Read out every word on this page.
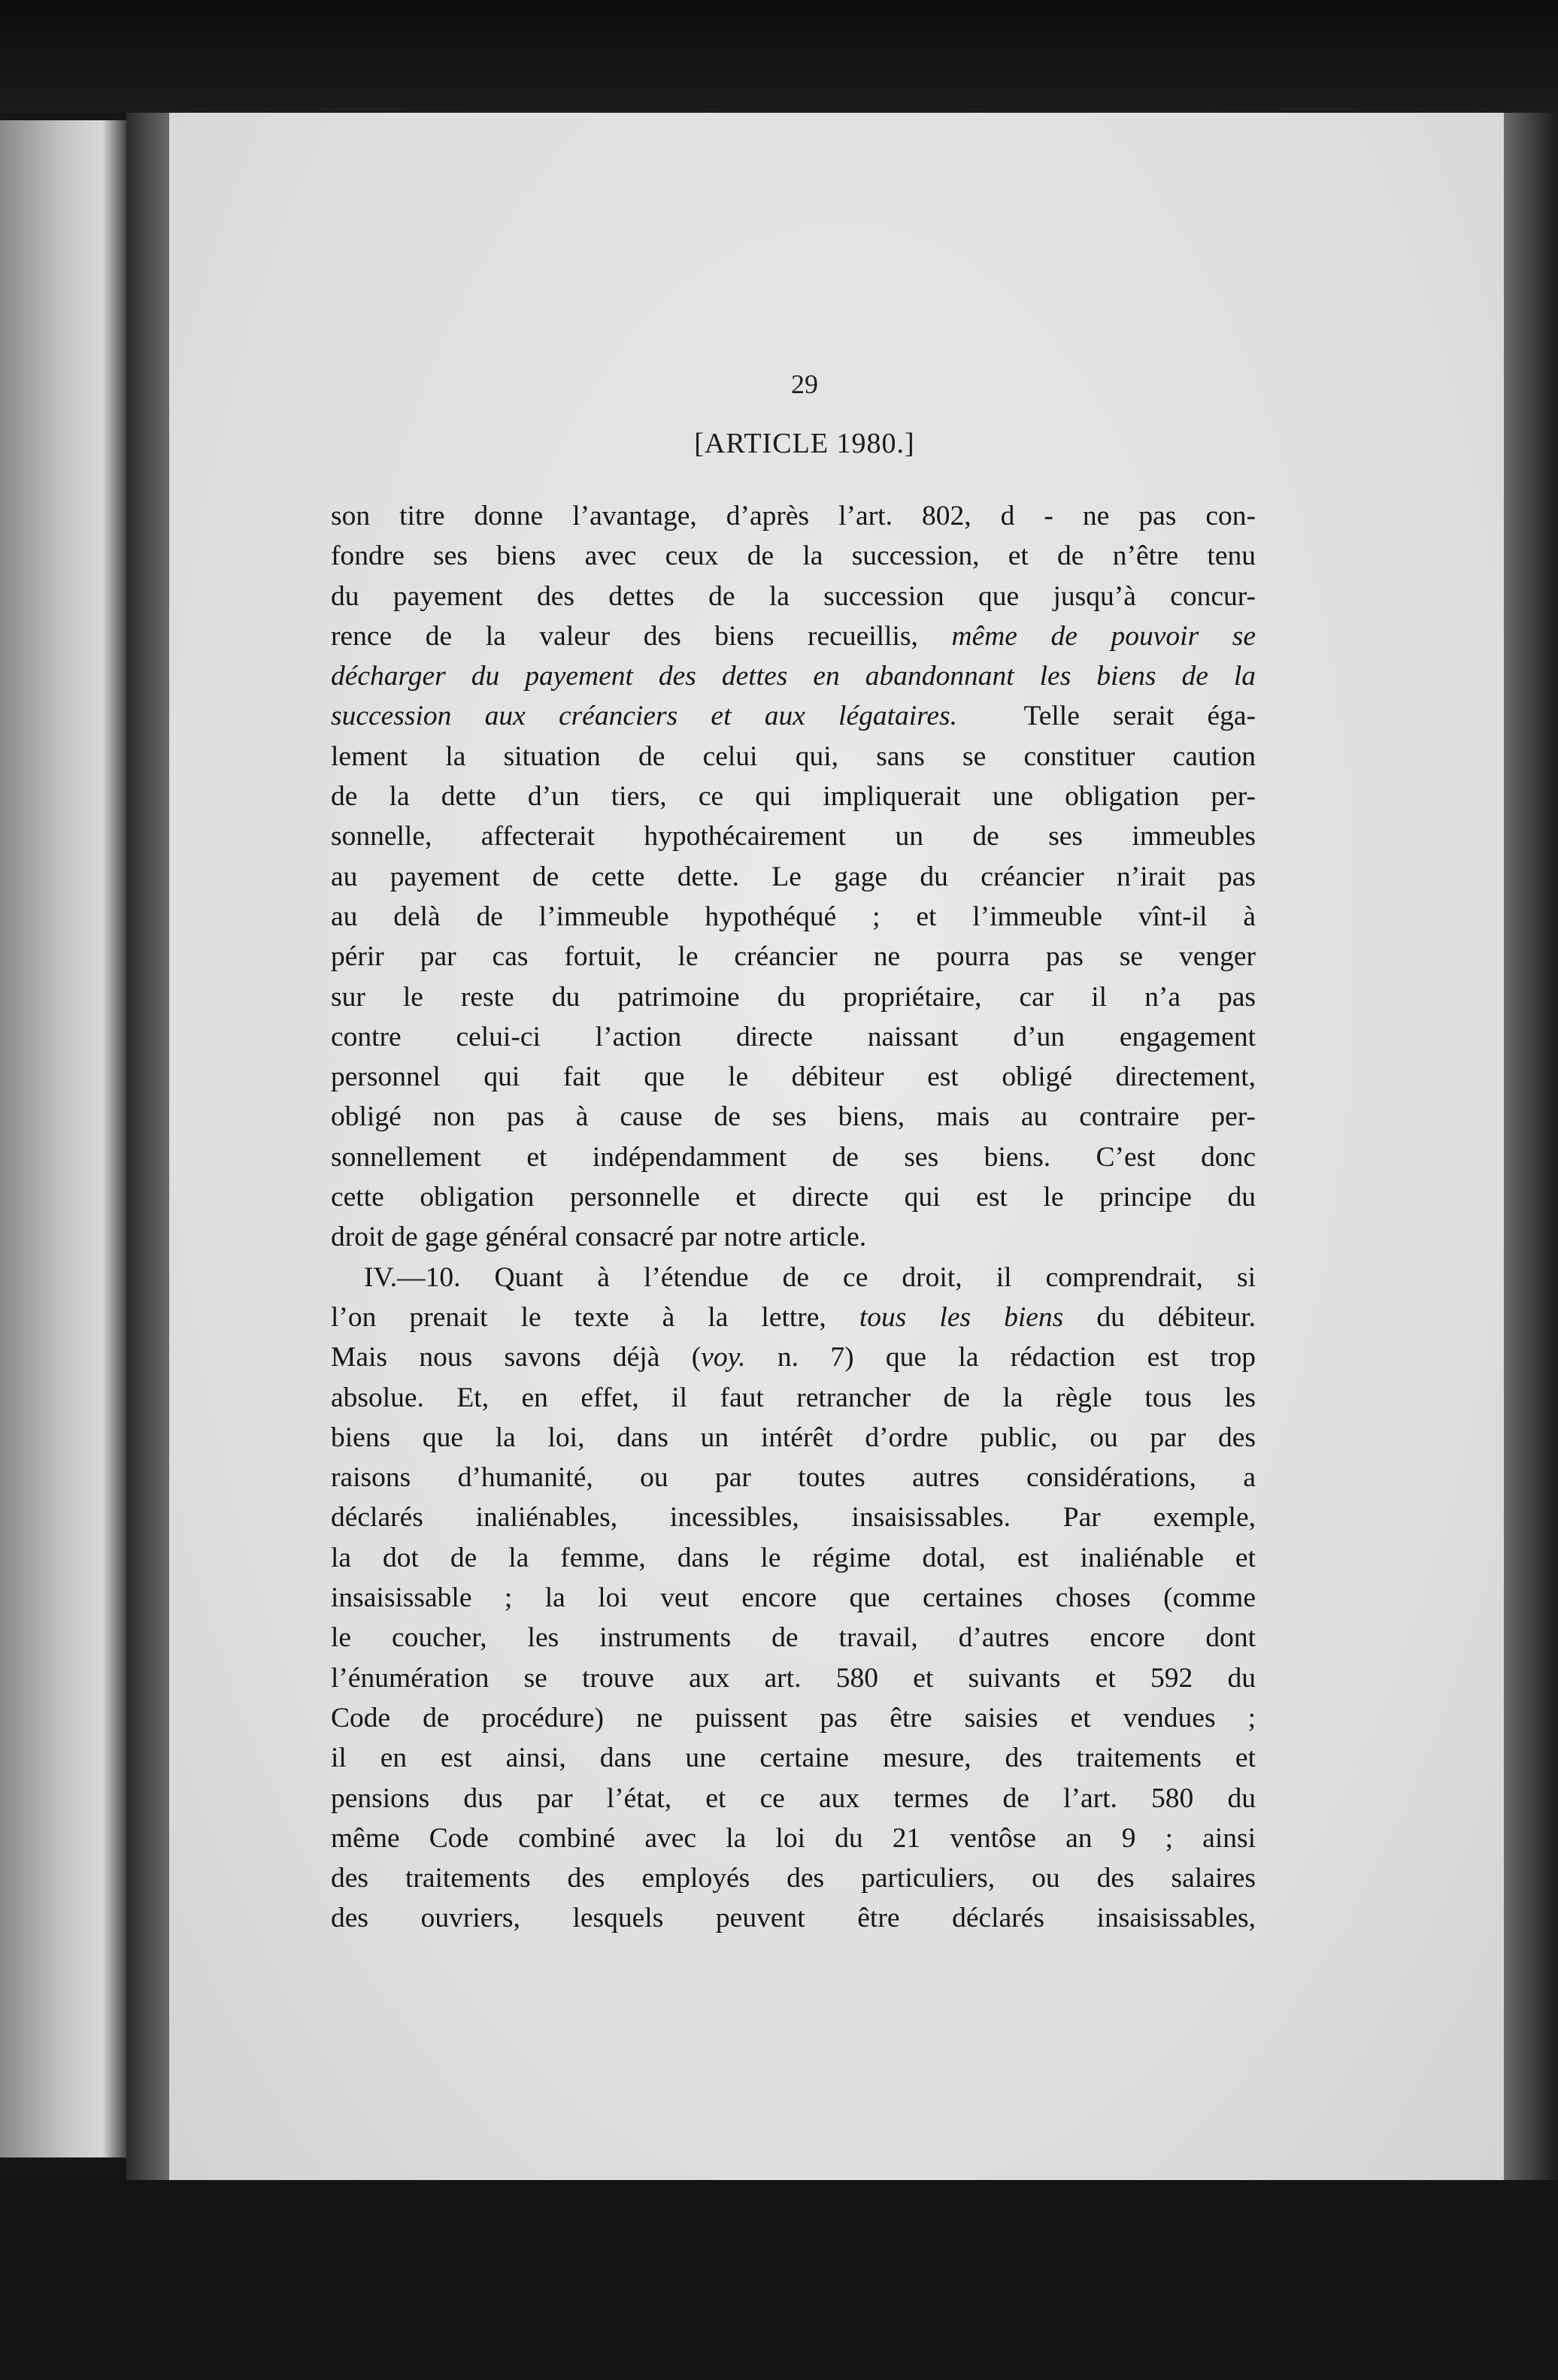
29
[ARTICLE 1980.]
son titre donne l’avantage, d’après l’art. 802, d - ne pas con-
fondre ses biens avec ceux de la succession, et de n’être tenu
du payement des dettes de la succession que jusqu’à concur-
rence de la valeur des biens recueillis, même de pouvoir se
décharger du payement des dettes en abandonnant les biens de la
succession aux créanciers et aux légataires. Telle serait éga-
lement la situation de celui qui, sans se constituer caution
de la dette d’un tiers, ce qui impliquerait une obligation per-
sonnelle, affecterait hypothécairement un de ses immeubles
au payement de cette dette. Le gage du créancier n’irait pas
au delà de l’immeuble hypothéqué ; et l’immeuble vînt-il à
périr par cas fortuit, le créancier ne pourra pas se venger
sur le reste du patrimoine du propriétaire, car il n’a pas
contre celui-ci l’action directe naissant d’un engagement
personnel qui fait que le débiteur est obligé directement,
obligé non pas à cause de ses biens, mais au contraire per-
sonnellement et indépendamment de ses biens. C’est donc
cette obligation personnelle et directe qui est le principe du
droit de gage général consacré par notre article.
IV.—10. Quant à l’étendue de ce droit, il comprendrait, si
l’on prenait le texte à la lettre, tous les biens du débiteur.
Mais nous savons déjà (voy. n. 7) que la rédaction est trop
absolue. Et, en effet, il faut retrancher de la règle tous les
biens que la loi, dans un intérêt d’ordre public, ou par des
raisons d’humanité, ou par toutes autres considérations, a
déclarés inaliénables, incessibles, insaisissables. Par exemple,
la dot de la femme, dans le régime dotal, est inaliénable et
insaisissable ; la loi veut encore que certaines choses (comme
le coucher, les instruments de travail, d’autres encore dont
l’énumération se trouve aux art. 580 et suivants et 592 du
Code de procédure) ne puissent pas être saisies et vendues ;
il en est ainsi, dans une certaine mesure, des traitements et
pensions dus par l’état, et ce aux termes de l’art. 580 du
même Code combiné avec la loi du 21 ventôse an 9 ; ainsi
des traitements des employés des particuliers, ou des salaires
des ouvriers, lesquels peuvent être déclarés insaisissables,
